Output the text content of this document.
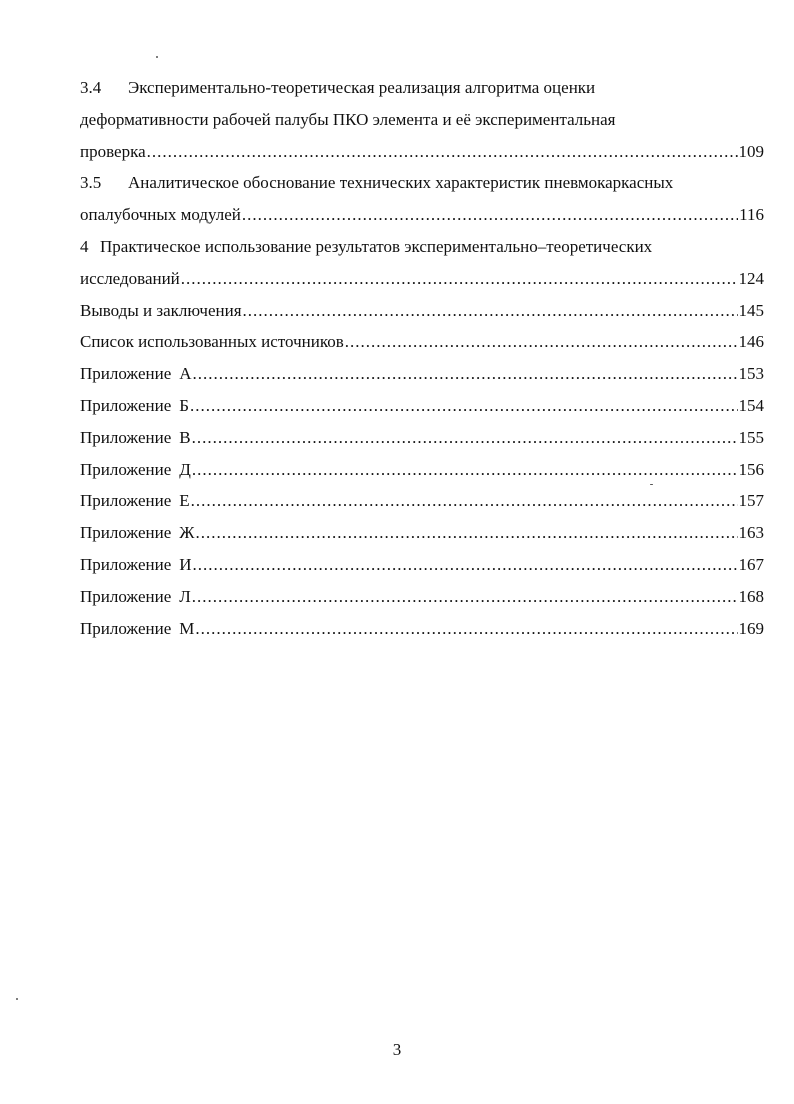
3.4	Экспериментально-теоретическая реализация алгоритма оценки
деформативности рабочей палубы ПКО элемента и её экспериментальная
проверка .....	109
3.5	Аналитическое обоснование технических характеристик пневмокаркасных
опалубочных модулей .....	116
4 Практическое использование результатов экспериментально–теоретических
исследований .....	124
Выводы и заключения .....	145
Список использованных источников .....	146
Приложение А .....	153
Приложение Б .....	154
Приложение В .....	155
Приложение Д .....	156
Приложение Е .....	157
Приложение Ж .....	163
Приложение И .....	167
Приложение Л .....	168
Приложение М .....	169
3
